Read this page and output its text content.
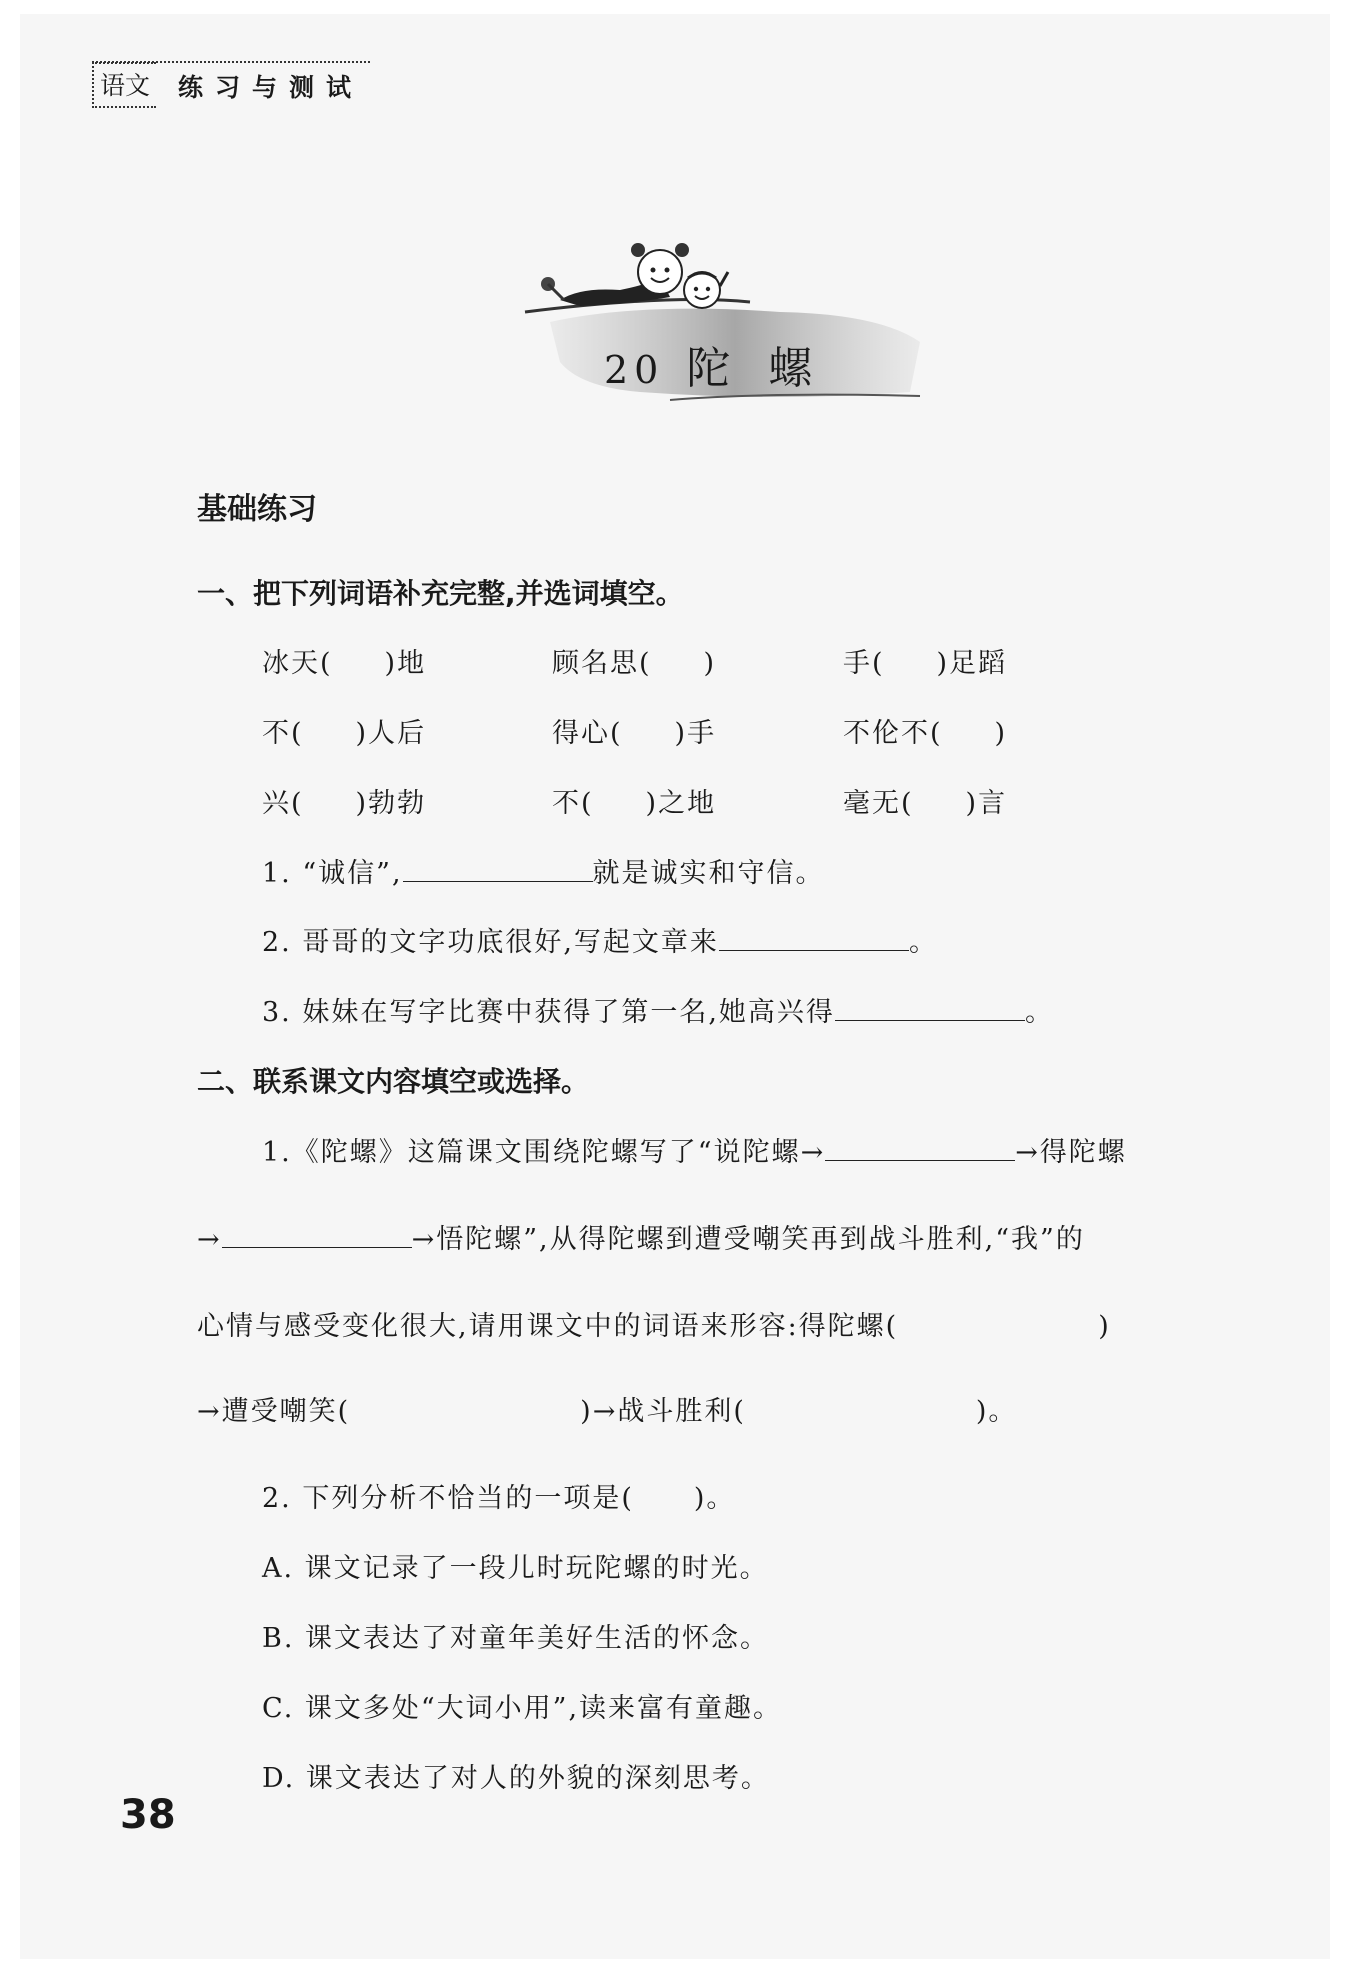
语文 练习与测试
20 陀螺
基础练习
一、把下列词语补充完整,并选词填空。
冰天( )地	顾名思( )	手( )足蹈
不( )人后	得心( )手	不伦不( )
兴( )勃勃	不( )之地	毫无( )言
1. “诚信”,	就是诚实和守信。
2. 哥哥的文字功底很好,写起文章来	。
3. 妹妹在写字比赛中获得了第一名,她高兴得	。
二、联系课文内容填空或选择。
1.《陀螺》这篇课文围绕陀螺写了“说陀螺→	→得陀螺
→	→悟陀螺”,从得陀螺到遭受嘲笑再到战斗胜利,“我”的
心情与感受变化很大,请用课文中的词语来形容:得陀螺(	)
→遭受嘲笑(	)→战斗胜利(	)。
2. 下列分析不恰当的一项是( )。
A. 课文记录了一段儿时玩陀螺的时光。
B. 课文表达了对童年美好生活的怀念。
C. 课文多处“大词小用”,读来富有童趣。
D. 课文表达了对人的外貌的深刻思考。
38
